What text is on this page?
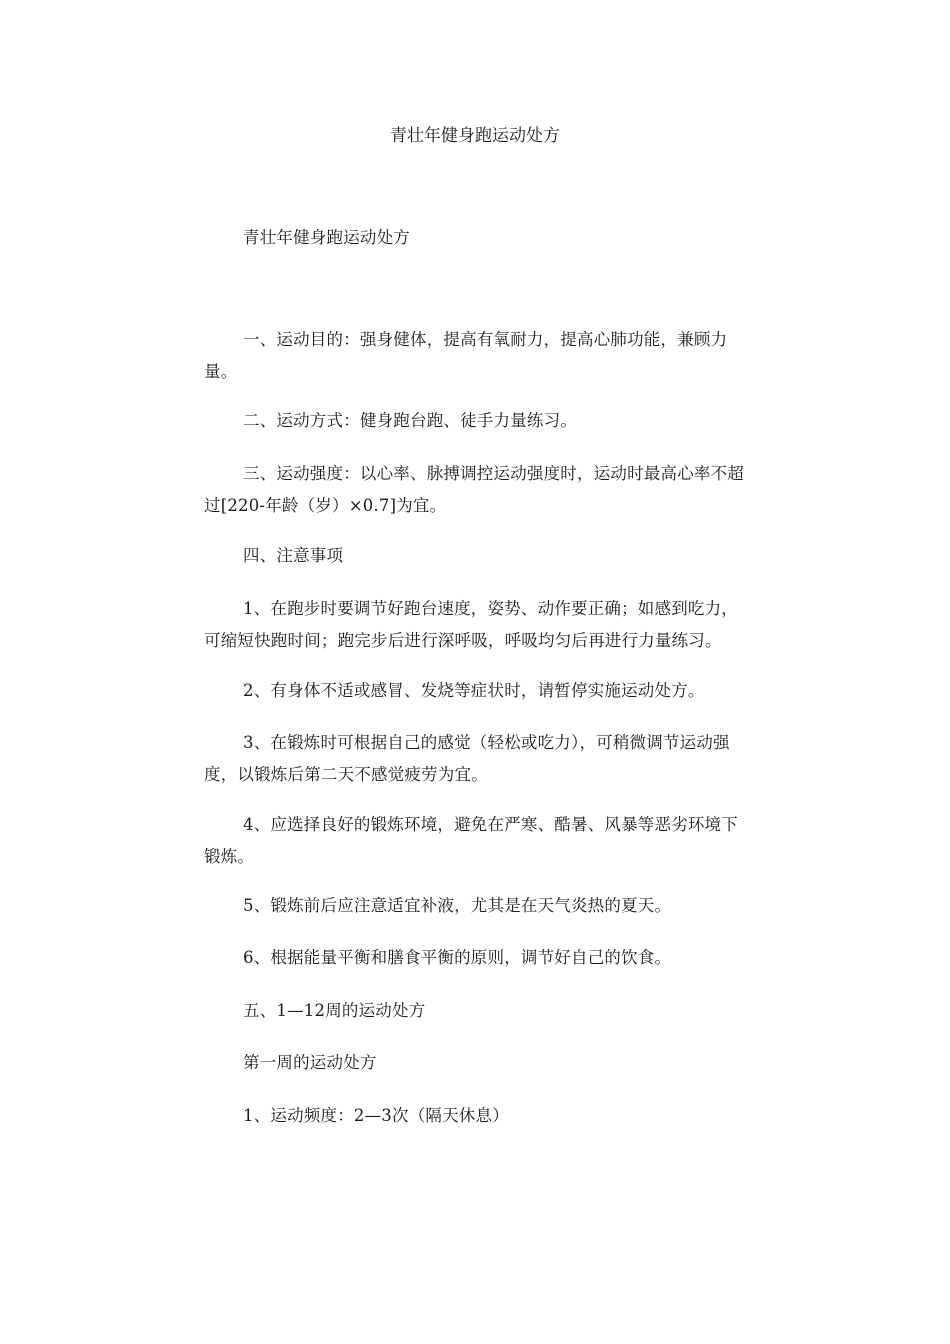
青壮年健身跑运动处方
青壮年健身跑运动处方
一、运动目的：强身健体，提高有氧耐力，提高心肺功能，兼顾力量。
二、运动方式：健身跑台跑、徒手力量练习。
三、运动强度：以心率、脉搏调控运动强度时，运动时最高心率不超过[220-年龄（岁）×0.7]为宜。
四、注意事项
1、在跑步时要调节好跑台速度，姿势、动作要正确；如感到吃力，可缩短快跑时间；跑完步后进行深呼吸，呼吸均匀后再进行力量练习。
2、有身体不适或感冒、发烧等症状时，请暂停实施运动处方。
3、在锻炼时可根据自己的感觉（轻松或吃力），可稍微调节运动强度，以锻炼后第二天不感觉疲劳为宜。
4、应选择良好的锻炼环境，避免在严寒、酷暑、风暴等恶劣环境下锻炼。
5、锻炼前后应注意适宜补液，尤其是在天气炎热的夏天。
6、根据能量平衡和膳食平衡的原则，调节好自己的饮食。
五、1—12周的运动处方
第一周的运动处方
1、运动频度：2—3次（隔天休息）
